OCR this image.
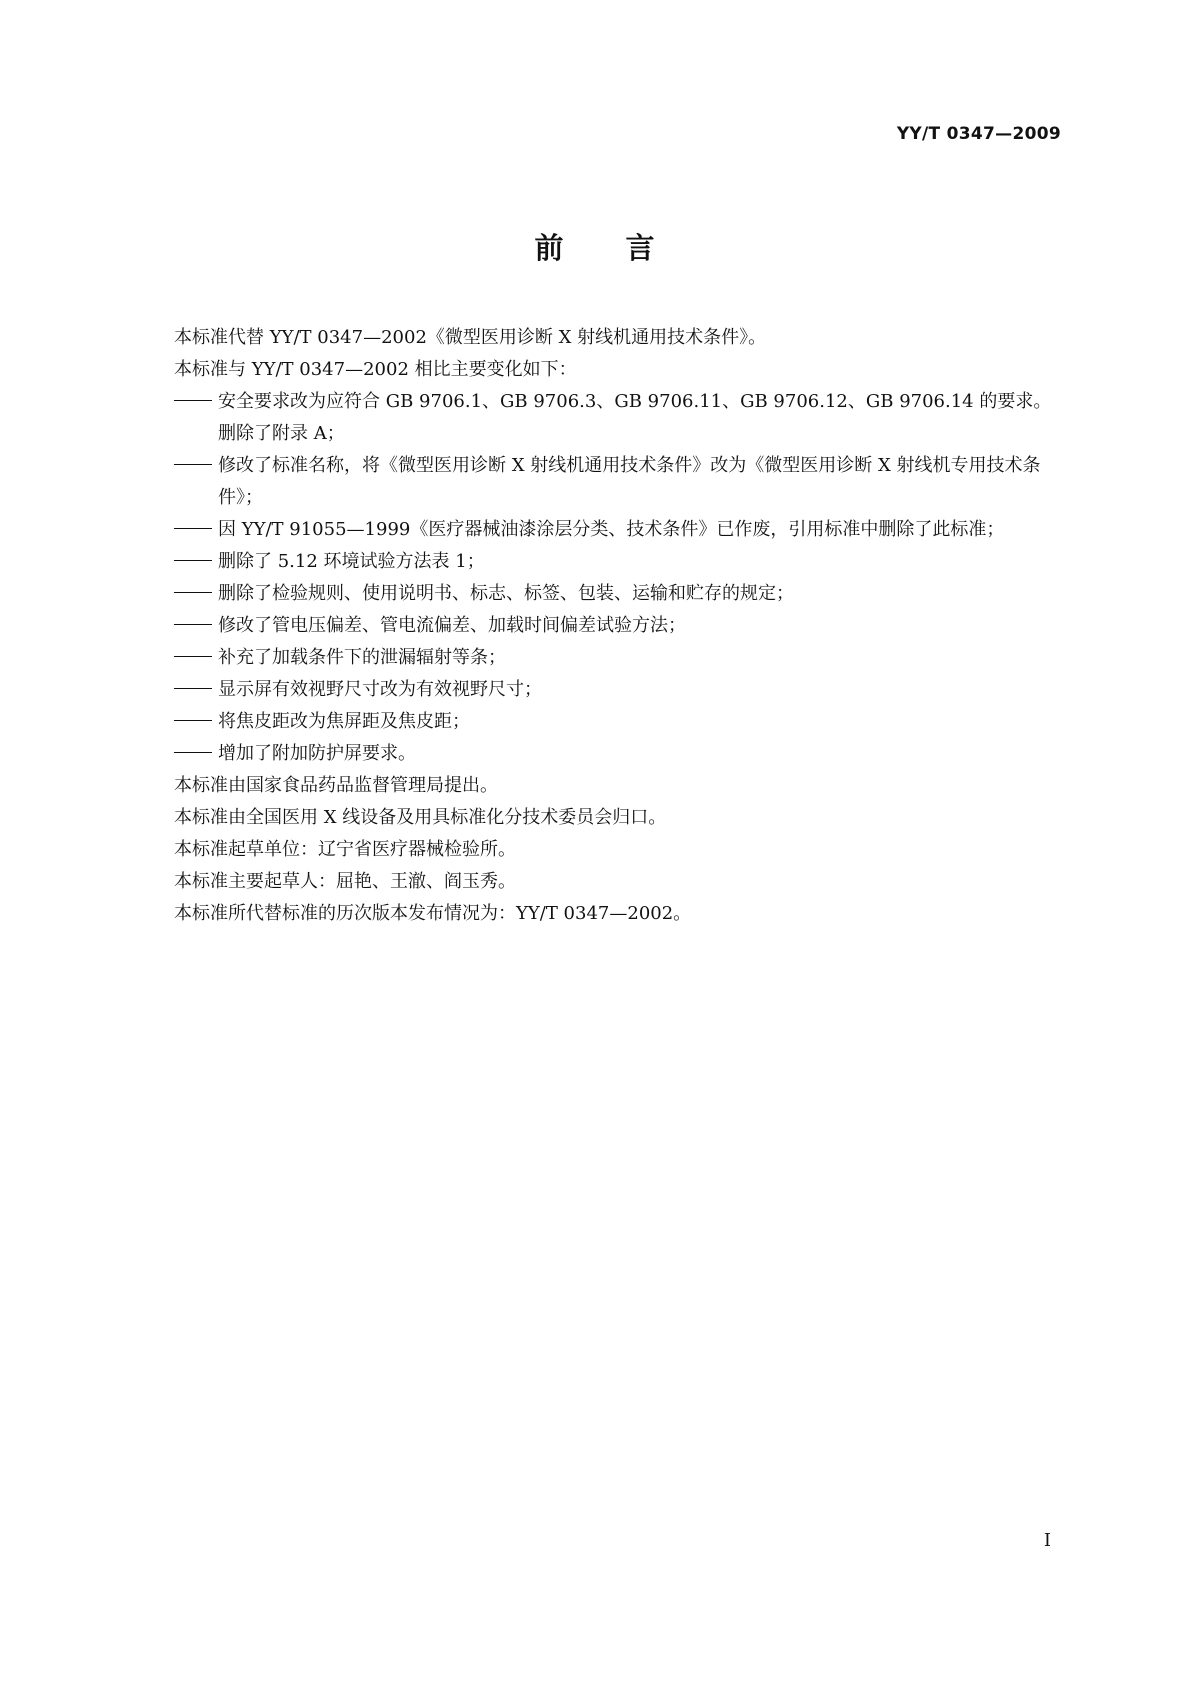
YY/T 0347—2009
前 言

本标准代替 YY/T 0347—2002《微型医用诊断 X 射线机通用技术条件》。

本标准与 YY/T 0347—2002 相比主要变化如下：

安全要求改为应符合 GB 9706.1、GB 9706.3、GB 9706.11、GB 9706.12、GB 9706.14 的要求。删除了附录 A；

修改了标准名称，将《微型医用诊断 X 射线机通用技术条件》改为《微型医用诊断 X 射线机专用技术条件》；

因 YY/T 91055—1999《医疗器械油漆涂层分类、技术条件》已作废，引用标准中删除了此标准；

删除了 5.12 环境试验方法表 1；

删除了检验规则、使用说明书、标志、标签、包装、运输和贮存的规定；

修改了管电压偏差、管电流偏差、加载时间偏差试验方法；

补充了加载条件下的泄漏辐射等条；

显示屏有效视野尺寸改为有效视野尺寸；

将焦皮距改为焦屏距及焦皮距；

增加了附加防护屏要求。

本标准由国家食品药品监督管理局提出。

本标准由全国医用 X 线设备及用具标准化分技术委员会归口。

本标准起草单位：辽宁省医疗器械检验所。

本标准主要起草人：屈艳、王澈、阎玉秀。

本标准所代替标准的历次版本发布情况为：YY/T 0347—2002。

I
